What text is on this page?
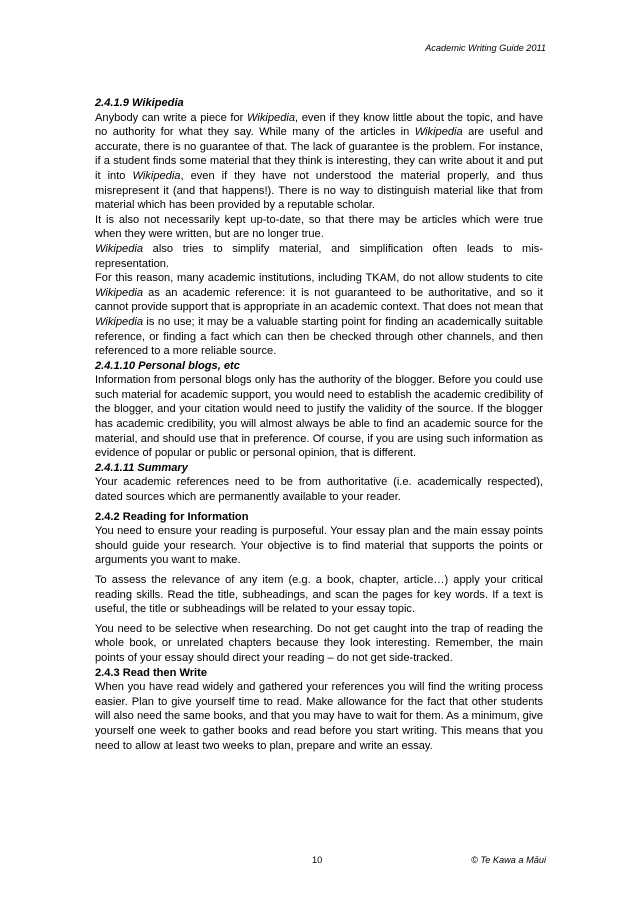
Academic Writing Guide 2011

2.4.1.9 Wikipedia

Anybody can write a piece for Wikipedia, even if they know little about the topic, and have no authority for what they say. While many of the articles in Wikipedia are useful and accurate, there is no guarantee of that. The lack of guarantee is the problem. For instance, if a student finds some material that they think is interesting, they can write about it and put it into Wikipedia, even if they have not understood the material properly, and thus misrepresent it (and that happens!). There is no way to distinguish material like that from material which has been provided by a reputable scholar.

It is also not necessarily kept up-to-date, so that there may be articles which were true when they were written, but are no longer true.

Wikipedia also tries to simplify material, and simplification often leads to mis-representation.

For this reason, many academic institutions, including TKAM, do not allow students to cite Wikipedia as an academic reference: it is not guaranteed to be authoritative, and so it cannot provide support that is appropriate in an academic context. That does not mean that Wikipedia is no use; it may be a valuable starting point for finding an academically suitable reference, or finding a fact which can then be checked through other channels, and then referenced to a more reliable source.

2.4.1.10 Personal blogs, etc

Information from personal blogs only has the authority of the blogger. Before you could use such material for academic support, you would need to establish the academic credibility of the blogger, and your citation would need to justify the validity of the source. If the blogger has academic credibility, you will almost always be able to find an academic source for the material, and should use that in preference. Of course, if you are using such information as evidence of popular or public or personal opinion, that is different.

2.4.1.11 Summary

Your academic references need to be from authoritative (i.e. academically respected), dated sources which are permanently available to your reader.

2.4.2 Reading for Information

You need to ensure your reading is purposeful. Your essay plan and the main essay points should guide your research. Your objective is to find material that supports the points or arguments you want to make.

To assess the relevance of any item (e.g. a book, chapter, article…) apply your critical reading skills. Read the title, subheadings, and scan the pages for key words. If a text is useful, the title or subheadings will be related to your essay topic.

You need to be selective when researching. Do not get caught into the trap of reading the whole book, or unrelated chapters because they look interesting. Remember, the main points of your essay should direct your reading – do not get side-tracked.

2.4.3 Read then Write

When you have read widely and gathered your references you will find the writing process easier. Plan to give yourself time to read. Make allowance for the fact that other students will also need the same books, and that you may have to wait for them. As a minimum, give yourself one week to gather books and read before you start writing. This means that you need to allow at least two weeks to plan, prepare and write an essay.

10	© Te Kawa a Māui
